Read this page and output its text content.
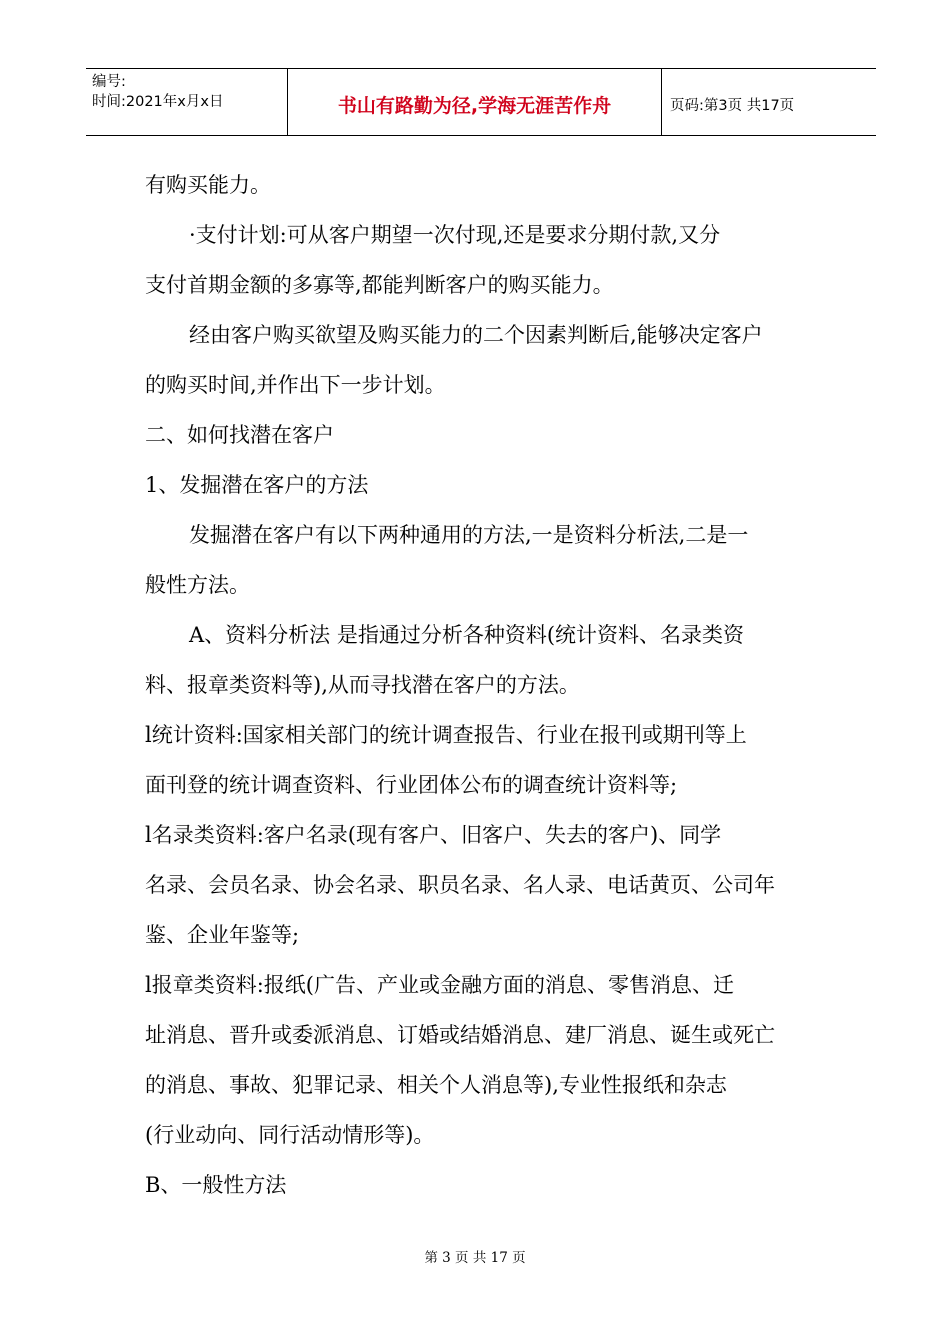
编号:
时间:2021年x月x日	书山有路勤为径,学海无涯苦作舟	页码:第3页 共17页
有购买能力。
·支付计划:可从客户期望一次付现,还是要求分期付款,又分
支付首期金额的多寡等,都能判断客户的购买能力。
经由客户购买欲望及购买能力的二个因素判断后,能够决定客户
的购买时间,并作出下一步计划。
二、如何找潜在客户
1、发掘潜在客户的方法
发掘潜在客户有以下两种通用的方法,一是资料分析法,二是一
般性方法。
A、资料分析法 是指通过分析各种资料(统计资料、名录类资
料、报章类资料等),从而寻找潜在客户的方法。
l统计资料:国家相关部门的统计调查报告、行业在报刊或期刊等上
面刊登的统计调查资料、行业团体公布的调查统计资料等;
l名录类资料:客户名录(现有客户、旧客户、失去的客户)、同学
名录、会员名录、协会名录、职员名录、名人录、电话黄页、公司年
鉴、企业年鉴等;
l报章类资料:报纸(广告、产业或金融方面的消息、零售消息、迁
址消息、晋升或委派消息、订婚或结婚消息、建厂消息、诞生或死亡
的消息、事故、犯罪记录、相关个人消息等),专业性报纸和杂志
(行业动向、同行活动情形等)。
B、一般性方法
第 3 页 共 17 页
